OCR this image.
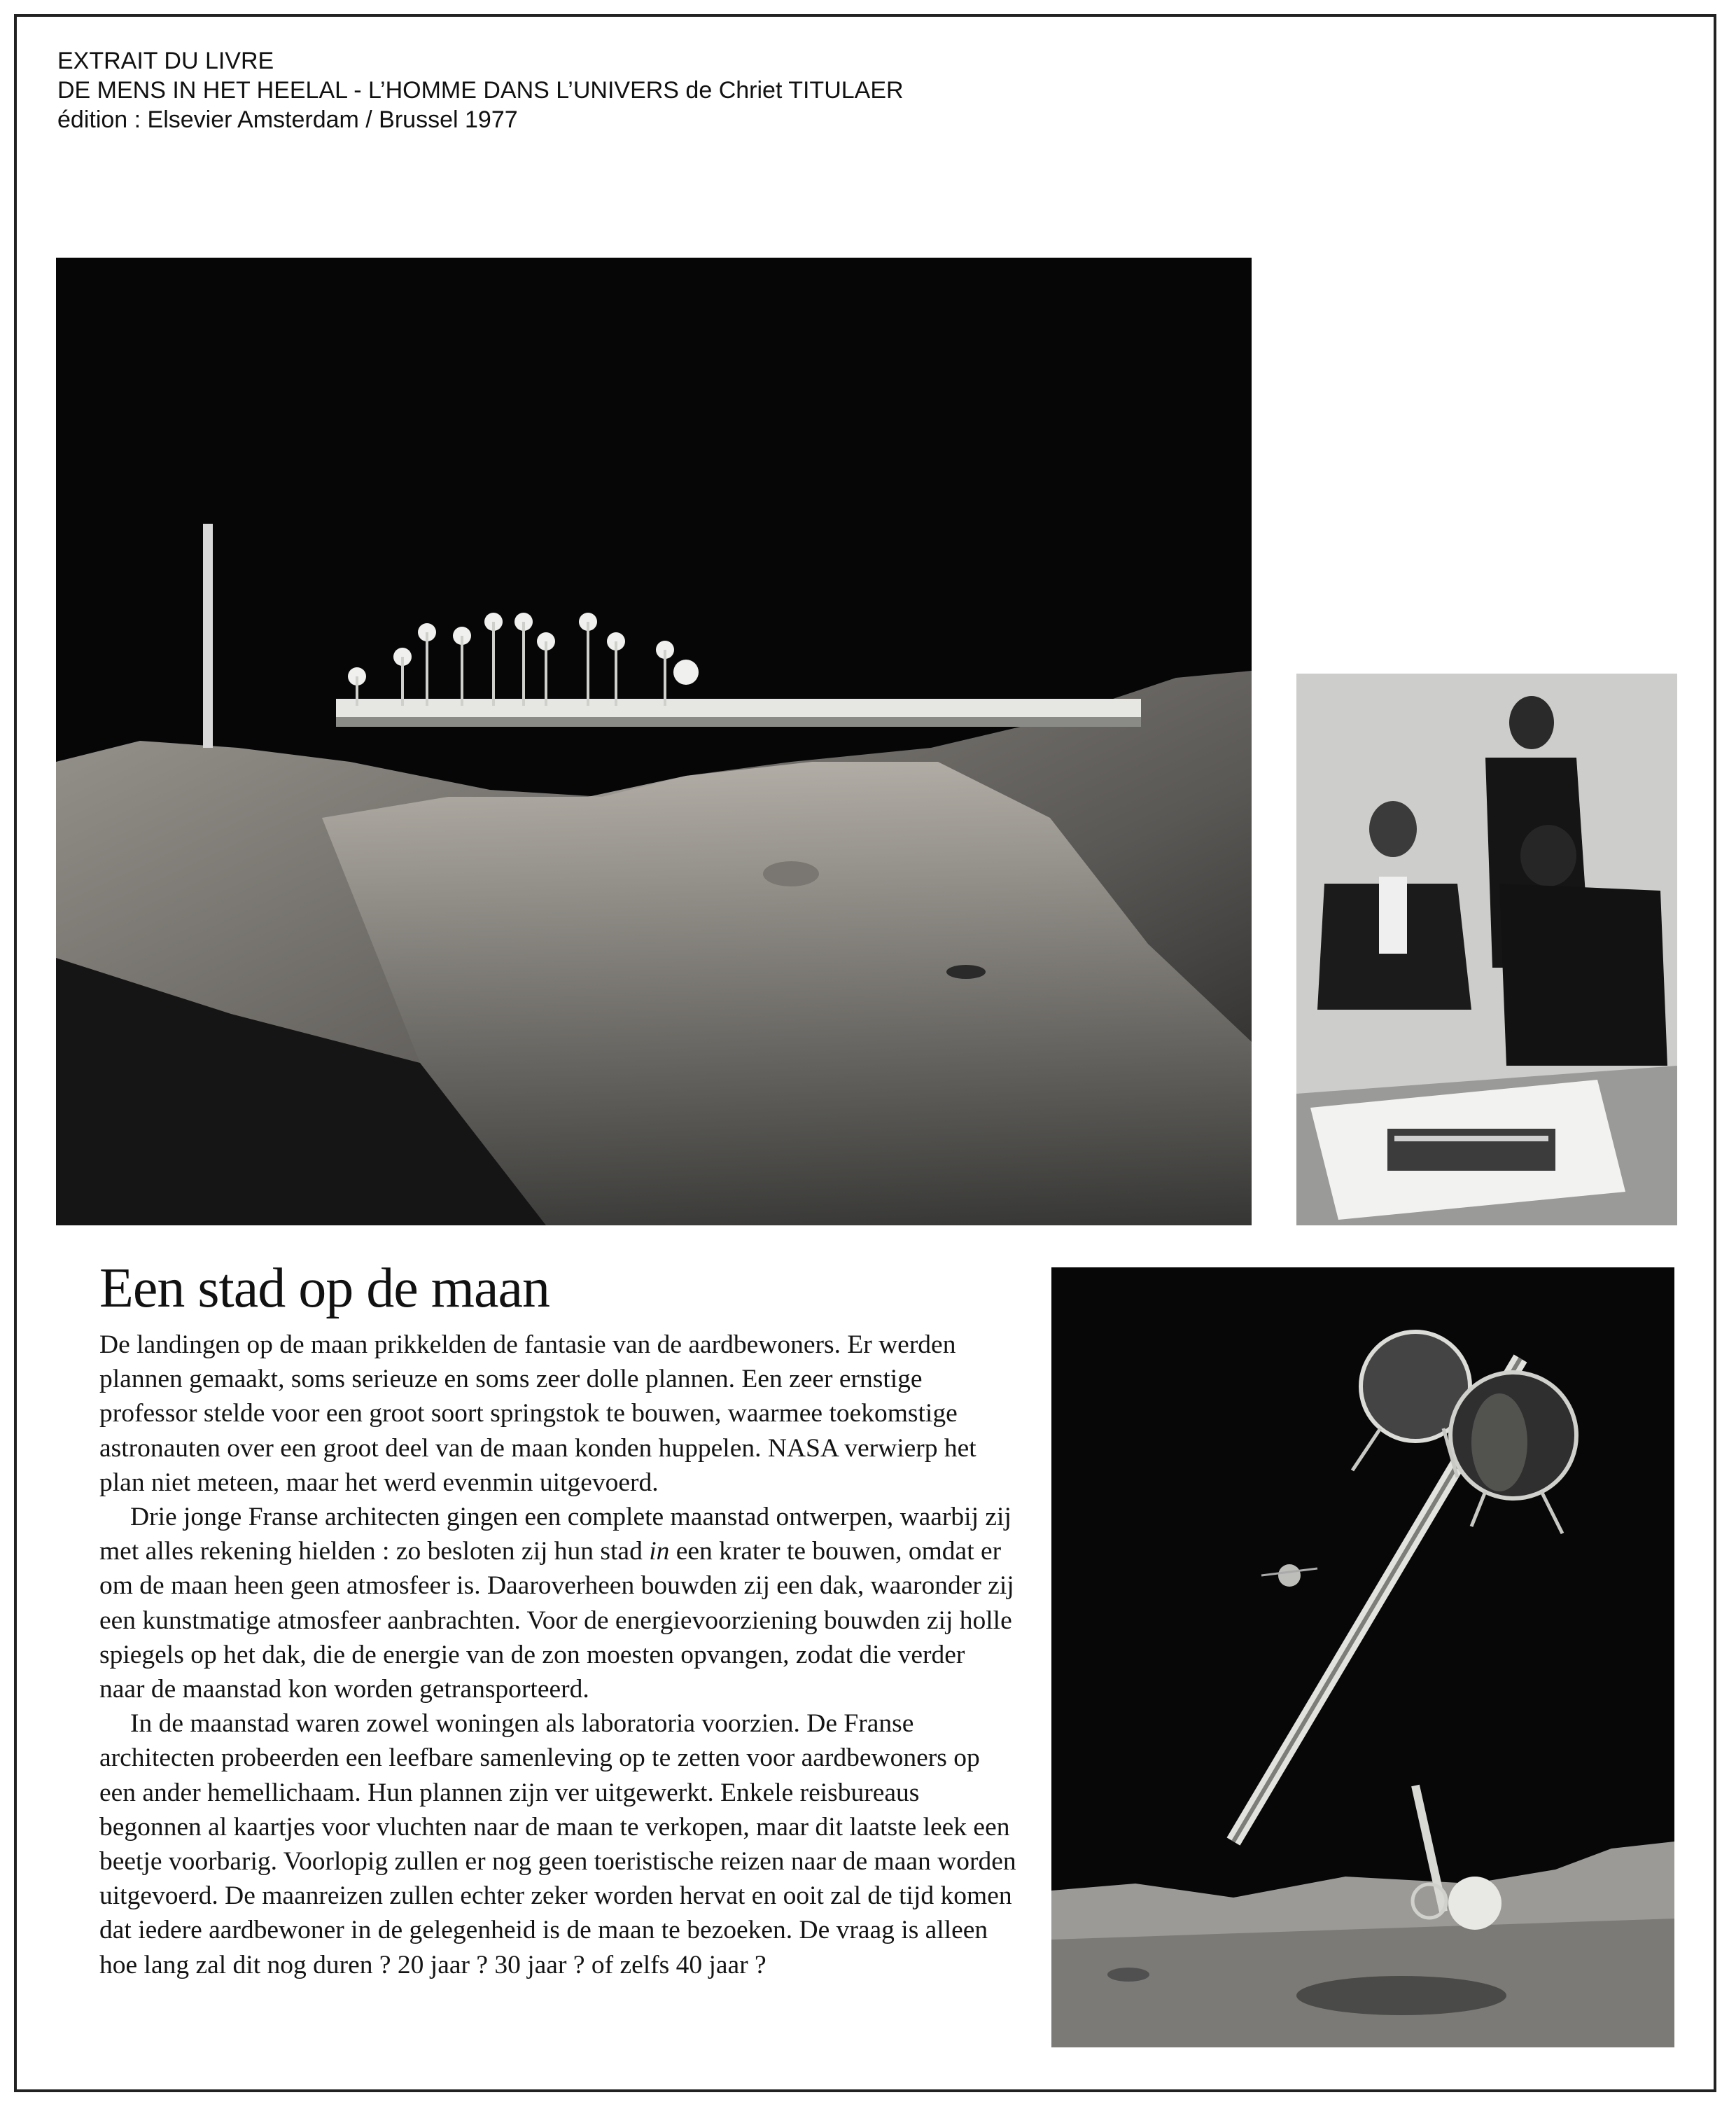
EXTRAIT DU LIVRE
DE MENS IN HET HEELAL - L’HOMME DANS L’UNIVERS de Chriet TITULAER
édition : Elsevier Amsterdam / Brussel 1977
Een stad op de maan

De landingen op de maan prikkelden de fantasie van de aardbewoners. Er werden plannen gemaakt, soms serieuze en soms zeer dolle plannen. Een zeer ernstige professor stelde voor een groot soort springstok te bouwen, waarmee toekomstige astronauten over een groot deel van de maan konden huppelen. NASA verwierp het plan niet meteen, maar het werd evenmin uitgevoerd.

Drie jonge Franse architecten gingen een complete maanstad ontwerpen, waarbij zij met alles rekening hielden : zo besloten zij hun stad in een krater te bouwen, omdat er om de maan heen geen atmosfeer is. Daaroverheen bouwden zij een dak, waaronder zij een kunstmatige atmosfeer aanbrachten. Voor de energievoorziening bouwden zij holle spiegels op het dak, die de energie van de zon moesten opvangen, zodat die verder naar de maanstad kon worden getransporteerd.

In de maanstad waren zowel woningen als laboratoria voorzien. De Franse architecten probeerden een leefbare samenleving op te zetten voor aardbewoners op een ander hemellichaam. Hun plannen zijn ver uitgewerkt. Enkele reisbureaus begonnen al kaartjes voor vluchten naar de maan te verkopen, maar dit laatste leek een beetje voorbarig. Voorlopig zullen er nog geen toeristische reizen naar de maan worden uitgevoerd. De maanreizen zullen echter zeker worden hervat en ooit zal de tijd komen dat iedere aardbewoner in de gelegenheid is de maan te bezoeken. De vraag is alleen hoe lang zal dit nog duren ? 20 jaar ? 30 jaar ? of zelfs 40 jaar ?
